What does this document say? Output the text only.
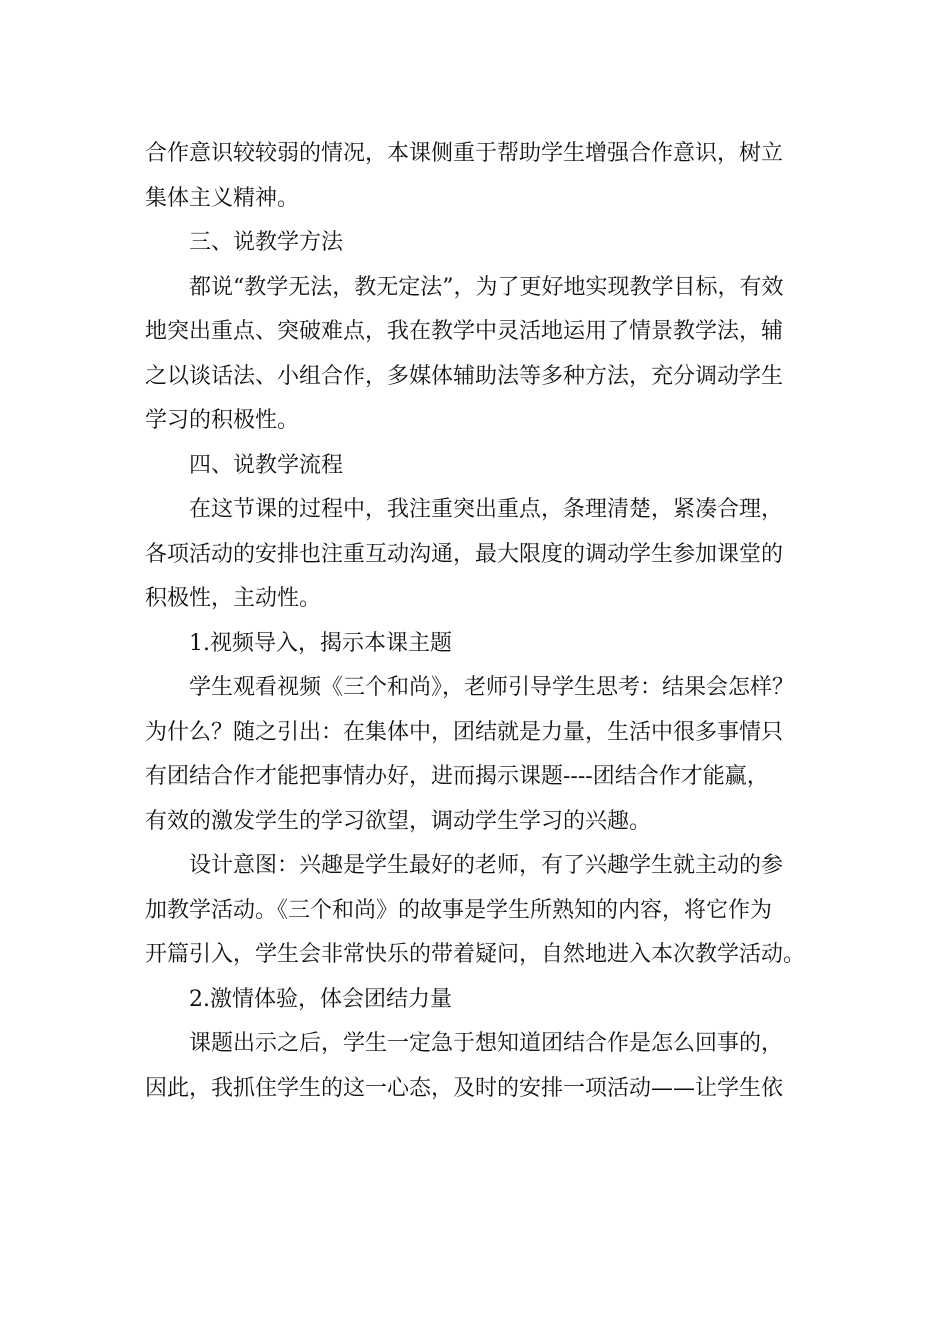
合作意识较较弱的情况，本课侧重于帮助学生增强合作意识，树立
集体主义精神。
三、说教学方法
都说“教学无法，教无定法”，为了更好地实现教学目标，有效
地突出重点、突破难点，我在教学中灵活地运用了情景教学法，辅
之以谈话法、小组合作，多媒体辅助法等多种方法，充分调动学生
学习的积极性。
四、说教学流程
在这节课的过程中，我注重突出重点，条理清楚，紧凑合理，
各项活动的安排也注重互动沟通，最大限度的调动学生参加课堂的
积极性，主动性。
1.视频导入，揭示本课主题
学生观看视频《三个和尚》，老师引导学生思考：结果会怎样？
为什么？随之引出：在集体中，团结就是力量，生活中很多事情只
有团结合作才能把事情办好，进而揭示课题----团结合作才能赢，
有效的激发学生的学习欲望，调动学生学习的兴趣。
设计意图：兴趣是学生最好的老师，有了兴趣学生就主动的参
加教学活动。《三个和尚》的故事是学生所熟知的内容，将它作为
开篇引入，学生会非常快乐的带着疑问，自然地进入本次教学活动。
2.激情体验，体会团结力量
课题出示之后，学生一定急于想知道团结合作是怎么回事的，
因此，我抓住学生的这一心态，及时的安排一项活动——让学生依
